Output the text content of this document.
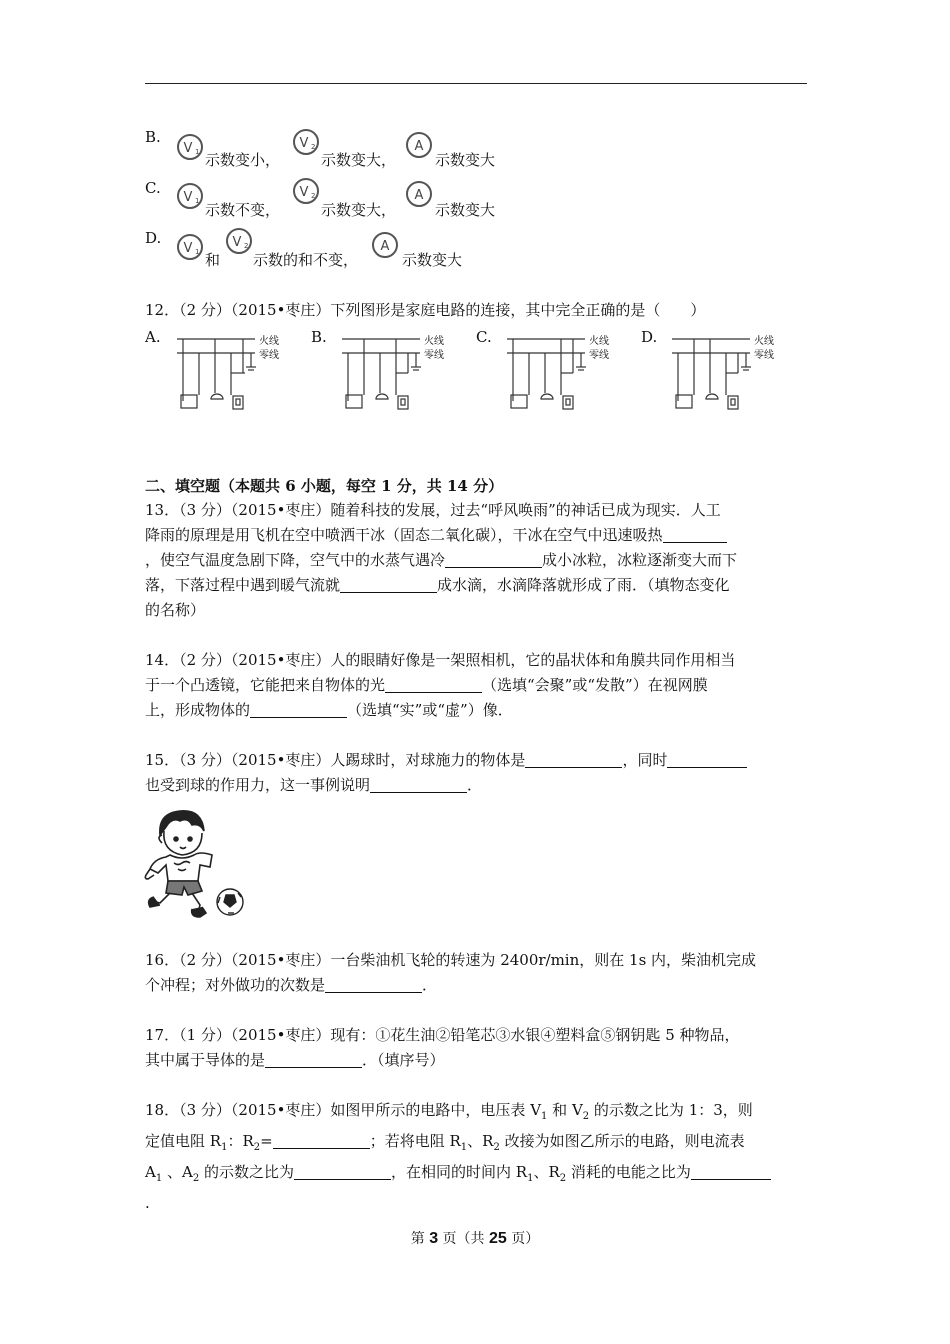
B.
V 1 示数变小，
V 2
示数变大，
A
示数变大
C.
V 1 示数不变，
V 2
示数变大，
A
示数变大
D.
V 1 和
V 2
示数的和不变，
A
示数变大
12．（2 分）（2015•枣庄）下列图形是家庭电路的连接，其中完全正确的是（　　）
A.	B.	C.	D.
火线
零线
火线
零线
火线
零线
火线
零线
二、填空题（本题共 6 小题，每空 1 分，共 14 分）
13．（3 分）（2015•枣庄）随着科技的发展，过去“呼风唤雨”的神话已成为现实．人工
降雨的原理是用飞机在空中喷洒干冰（固态二氧化碳），干冰在空气中迅速吸热
，使空气温度急剧下降，空气中的水蒸气遇冷	成小冰粒，冰粒逐渐变大而下
落，下落过程中遇到暖气流就	成水滴，水滴降落就形成了雨．（填物态变化
的名称）
14．（2 分）（2015•枣庄）人的眼睛好像是一架照相机，它的晶状体和角膜共同作用相当
于一个凸透镜，它能把来自物体的光	（选填“会聚”或“发散”）在视网膜
上，形成物体的	（选填“实”或“虚”）像．
15．（3 分）（2015•枣庄）人踢球时，对球施力的物体是	，同时
也受到球的作用力，这一事例说明	．
16．（2 分）（2015•枣庄）一台柴油机飞轮的转速为 2400r/min，则在 1s 内，柴油机完成
个冲程；对外做功的次数是	．
17．（1 分）（2015•枣庄）现有：①花生油②铅笔芯③水银④塑料盒⑤钢钥匙 5 种物品，
其中属于导体的是	．（填序号）
18．（3 分）（2015•枣庄）如图甲所示的电路中，电压表 $V_1$ 和 $V_2$ 的示数之比为 1：3，则
定值电阻 $R_1$：$R_2=$	；若将电阻 $R_1$、$R_2$ 改接为如图乙所示的电路，则电流表
$A_1$ 、$A_2$ 的示数之比为	，在相同的时间内 $R_1$、$R_2$ 消耗的电能之比为
.
第 3 页（共 25 页）
